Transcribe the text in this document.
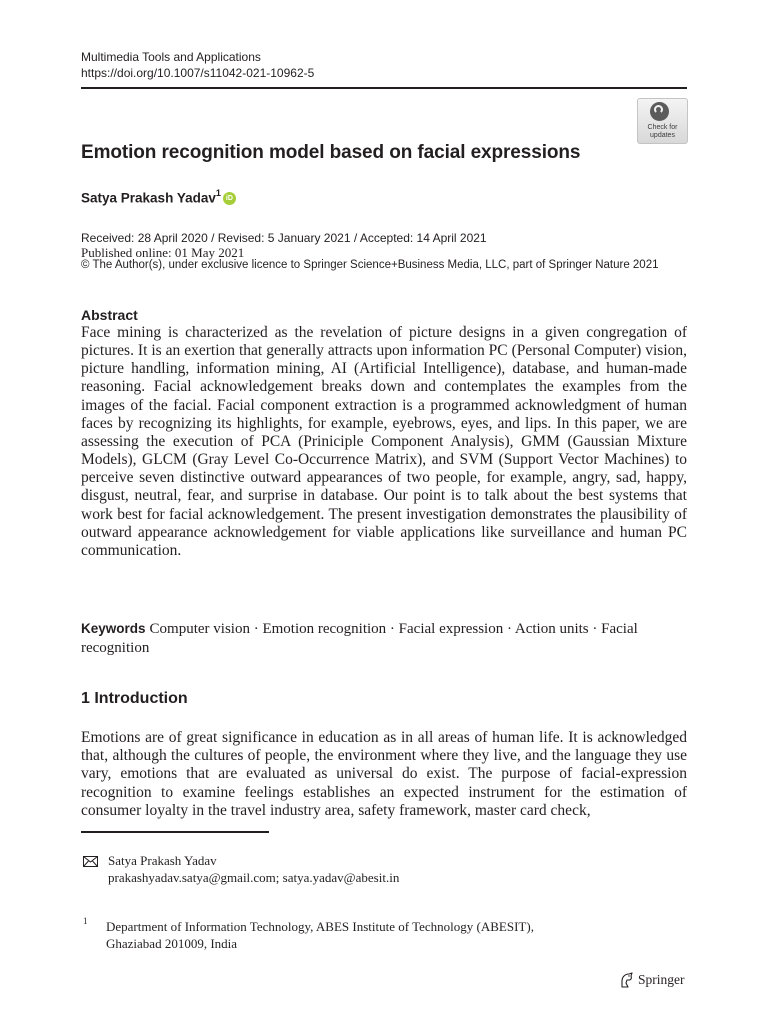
Multimedia Tools and Applications
https://doi.org/10.1007/s11042-021-10962-5
Check for
updates
Emotion recognition model based on facial expressions
Satya Prakash Yadav$^1$iD
Received: 28 April 2020 / Revised: 5 January 2021 / Accepted: 14 April 2021
Published online: 01 May 2021
© The Author(s), under exclusive licence to Springer Science+Business Media, LLC, part of Springer Nature 2021
Abstract
Face mining is characterized as the revelation of picture designs in a given congregation of pictures. It is an exertion that generally attracts upon information PC (Personal Computer) vision, picture handling, information mining, AI (Artificial Intelligence), database, and human-made reasoning. Facial acknowledgement breaks down and contemplates the examples from the images of the facial. Facial component extraction is a programmed acknowledgment of human faces by recognizing its highlights, for example, eyebrows, eyes, and lips. In this paper, we are assessing the execution of PCA (Priniciple Component Analysis), GMM (Gaussian Mixture Models), GLCM (Gray Level Co-Occurrence Matrix), and SVM (Support Vector Machines) to perceive seven distinctive outward appearances of two people, for example, angry, sad, happy, disgust, neutral, fear, and surprise in database. Our point is to talk about the best systems that work best for facial acknowledgement. The present investigation demonstrates the plausibility of outward appearance acknowledgement for viable applications like surveillance and human PC communication.
Keywords Computer vision · Emotion recognition · Facial expression · Action units · Facial recognition
1 Introduction
Emotions are of great significance in education as in all areas of human life. It is acknowledged that, although the cultures of people, the environment where they live, and the language they use vary, emotions that are evaluated as universal do exist. The purpose of facial-expression recognition to examine feelings establishes an expected instrument for the estimation of consumer loyalty in the travel industry area, safety framework, master card check,
Satya Prakash Yadav
prakashyadav.satya@gmail.com; satya.yadav@abesit.in
1 Department of Information Technology, ABES Institute of Technology (ABESIT),
Ghaziabad 201009, India
Springer
